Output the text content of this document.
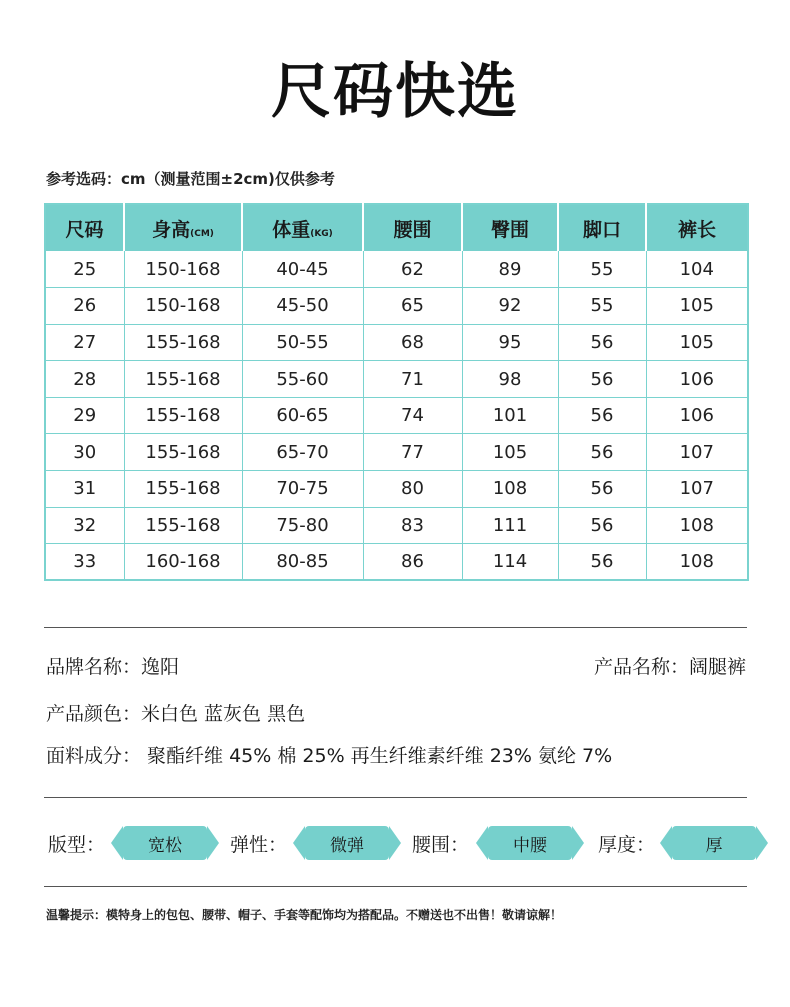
尺码快选
参考选码：cm（测量范围±2cm)仅供参考
尺码	身高(CM)	体重(KG)	腰围	臀围	脚口	裤长
25	150-168	40-45	62	89	55	104
26	150-168	45-50	65	92	55	105
27	155-168	50-55	68	95	56	105
28	155-168	55-60	71	98	56	106
29	155-168	60-65	74	101	56	106
30	155-168	65-70	77	105	56	107
31	155-168	70-75	80	108	56	107
32	155-168	75-80	83	111	56	108
33	160-168	80-85	86	114	56	108
品牌名称：逸阳	产品名称：阔腿裤
产品颜色：米白色 蓝灰色 黑色
面料成分： 聚酯纤维 45% 棉 25% 再生纤维素纤维 23% 氨纶 7%
版型：	宽松	弹性：	微弹	腰围：	中腰	厚度：	厚
温馨提示：模特身上的包包、腰带、帽子、手套等配饰均为搭配品。不赠送也不出售！敬请谅解！
